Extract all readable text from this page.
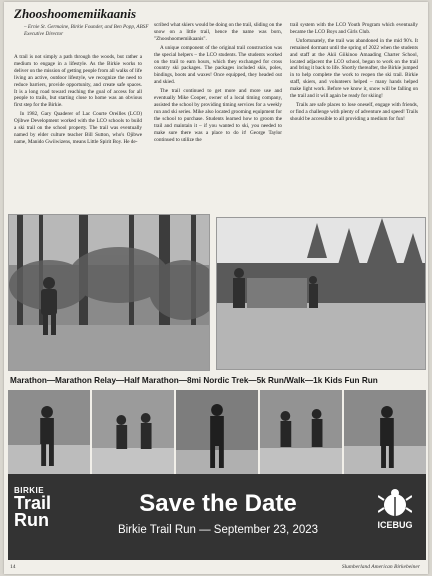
Zhooshoomemiikaanis

A trail is not simply a path through the woods, but rather a medium to engage in a lifestyle. As the Birkie works to deliver on the mission of getting people from all walks of life living an active, outdoor lifestyle, we recognize the need to reduce barriers, provide opportunity, and create safe spaces. It is a long road toward reaching the goal of access for all people to trails, but starting close to home was an obvious first step for the Birkie.

In 1982, Gary Quaderer of Lac Courte Oreilles (LCO) Ojibwe Development worked with the LCO schools to build a ski trail on the school property. The trail was eventually named by elder culture teacher Bill Sutton, who's Ojibwe name, Manido Gwiiwizens, means Little Spirit Boy. He de-

– Ernie St. Germaine, Birkie Founder, and Ben Popp, ABSF Executive Director

scribed what skiers would be doing on the trail, sliding on the snow on a little trail, hence the name was born, "Zhooshoomemiikaanis".

A unique component of the original trail construction was the special helpers – the LCO students. The students worked on the trail to earn hours, which they exchanged for cross country ski packages. The packages included skis, poles, bindings, boots and waxes! Once equipped, they headed out and skied.

The trail continued to get more and more use and eventually Mike Cooper, owner of a local timing company, assisted the school by providing timing services for a weekly run and ski series. Mike also located grooming equipment for the school to purchase. Students learned how to groom the trail and maintain it – if you wanted to ski, you needed to make sure there was a place to do it! George Taylor continued to utilize the

trail system with the LCO Youth Program which eventually became the LCO Boys and Girls Club.

Unfortunately, the trail was abandoned in the mid 90's. It remained dormant until the spring of 2022 when the students and staff at the Akii Giikinoo Amaading Charter School, located adjacent the LCO school, began to work on the trail and bring it back to life. Shortly thereafter, the Birkie jumped in to help complete the work to reopen the ski trail. Birkie staff, skiers, and volunteers helped – many hands helped make light work. Before we know it, snow will be falling on the trail and it will again be ready for skiing!

Trails are safe places to lose oneself, engage with friends, or find a challenge with plenty of adventure and speed! Trails should be accessible to all providing a medium for fun!

Marathon—Marathon Relay—Half Marathon—8mi Nordic Trek—5k Run/Walk—1k Kids Fun Run
BIRKIE
Trail
Run
Save the Date
Birkie Trail Run — September 23, 2023	ICEBUG
14	Slumberland American Birkebeiner
